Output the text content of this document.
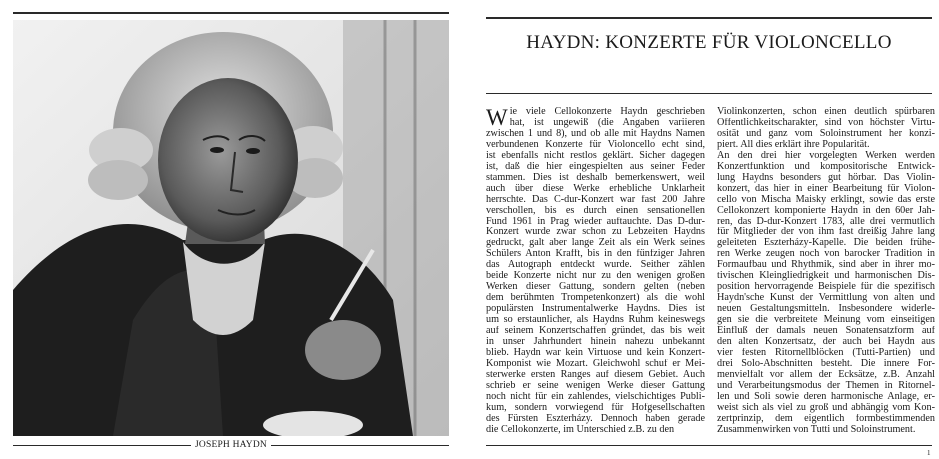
JOSEPH HAYDN
HAYDN: KONZERTE FÜR VIOLONCELLO
W ie viele Cellokonzerte Haydn geschrieben
hat, ist ungewiß (die Angaben variieren
zwischen 1 und 8), und ob alle mit Haydns Namen
verbundenen Konzerte für Violoncello echt sind,
ist ebenfalls nicht restlos geklärt. Sicher dagegen
ist, daß die hier eingespielten aus seiner Feder
stammen. Dies ist deshalb bemerkenswert, weil
auch über diese Werke erhebliche Unklarheit
herrschte. Das C-dur-Konzert war fast 200 Jahre
verschollen, bis es durch einen sensationellen
Fund 1961 in Prag wieder auftauchte. Das D-dur-
Konzert wurde zwar schon zu Lebzeiten Haydns
gedruckt, galt aber lange Zeit als ein Werk seines
Schülers Anton Krafft, bis in den fünfziger Jahren
das Autograph entdeckt wurde. Seither zählen
beide Konzerte nicht nur zu den wenigen großen
Werken dieser Gattung, sondern gelten (neben
dem berühmten Trompetenkonzert) als die wohl
populärsten Instrumentalwerke Haydns. Dies ist
um so erstaunlicher, als Haydns Ruhm keineswegs
auf seinem Konzertschaffen gründet, das bis weit
in unser Jahrhundert hinein nahezu unbekannt
blieb. Haydn war kein Virtuose und kein Konzert-
Komponist wie Mozart. Gleichwohl schuf er Mei-
sterwerke ersten Ranges auf diesem Gebiet. Auch
schrieb er seine wenigen Werke dieser Gattung
noch nicht für ein zahlendes, vielschichtiges Publi-
kum, sondern vorwiegend für Hofgesellschaften
des Fürsten Eszterházy. Dennoch haben gerade
die Cellokonzerte, im Unterschied z.B. zu den
Violinkonzerten, schon einen deutlich spürbaren
Öffentlichkeitscharakter, sind von höchster Virtu-
osität und ganz vom Soloinstrument her konzi-
piert. All dies erklärt ihre Popularität.
An den drei hier vorgelegten Werken werden
Konzertfunktion und kompositorische Entwick-
lung Haydns besonders gut hörbar. Das Violin-
konzert, das hier in einer Bearbeitung für Violon-
cello von Mischa Maisky erklingt, sowie das erste
Cellokonzert komponierte Haydn in den 60er Jah-
ren, das D-dur-Konzert 1783, alle drei vermutlich
für Mitglieder der von ihm fast dreißig Jahre lang
geleiteten Eszterházy-Kapelle. Die beiden frühe-
ren Werke zeugen noch von barocker Tradition in
Formaufbau und Rhythmik, sind aber in ihrer mo-
tivischen Kleingliedrigkeit und harmonischen Dis-
position hervorragende Beispiele für die spezifisch
Haydn'sche Kunst der Vermittlung von alten und
neuen Gestaltungsmitteln. Insbesondere widerle-
gen sie die verbreitete Meinung vom einseitigen
Einfluß der damals neuen Sonatensatzform auf
den alten Konzertsatz, der auch bei Haydn aus
vier festen Ritornellblöcken (Tutti-Partien) und
drei Solo-Abschnitten besteht. Die innere For-
menvielfalt vor allem der Ecksätze, z.B. Anzahl
und Verarbeitungsmodus der Themen in Ritornel-
len und Soli sowie deren harmonische Anlage, er-
weist sich als viel zu groß und abhängig vom Kon-
zertprinzip, dem eigentlich formbestimmenden
Zusammenwirken von Tutti und Soloinstrument.
1
